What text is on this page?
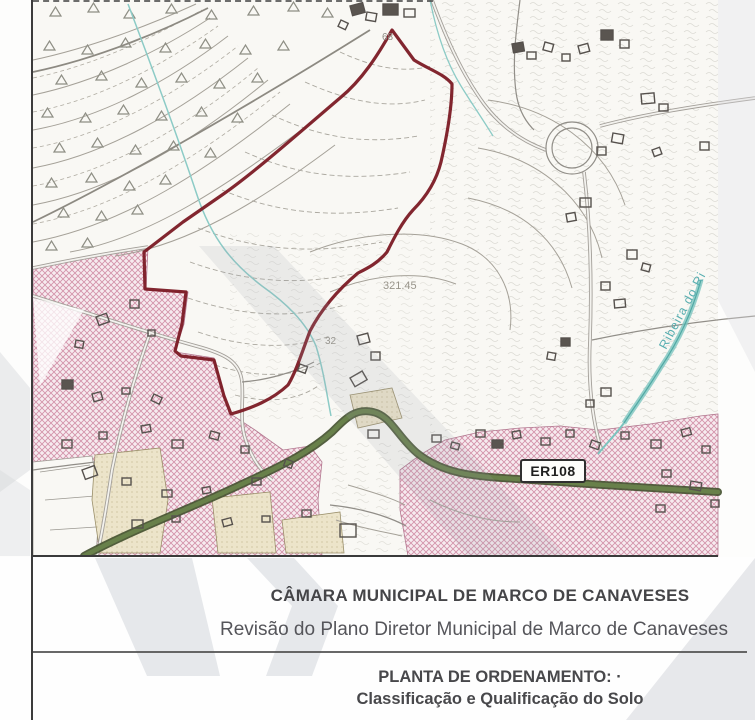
68
321.45
32	Ribeira do Ri
ER108
CÂMARA MUNICIPAL DE MARCO DE CANAVESES
Revisão do Plano Diretor Municipal de Marco de Canaveses
PLANTA DE ORDENAMENTO: ·
Classificação e Qualificação do Solo
